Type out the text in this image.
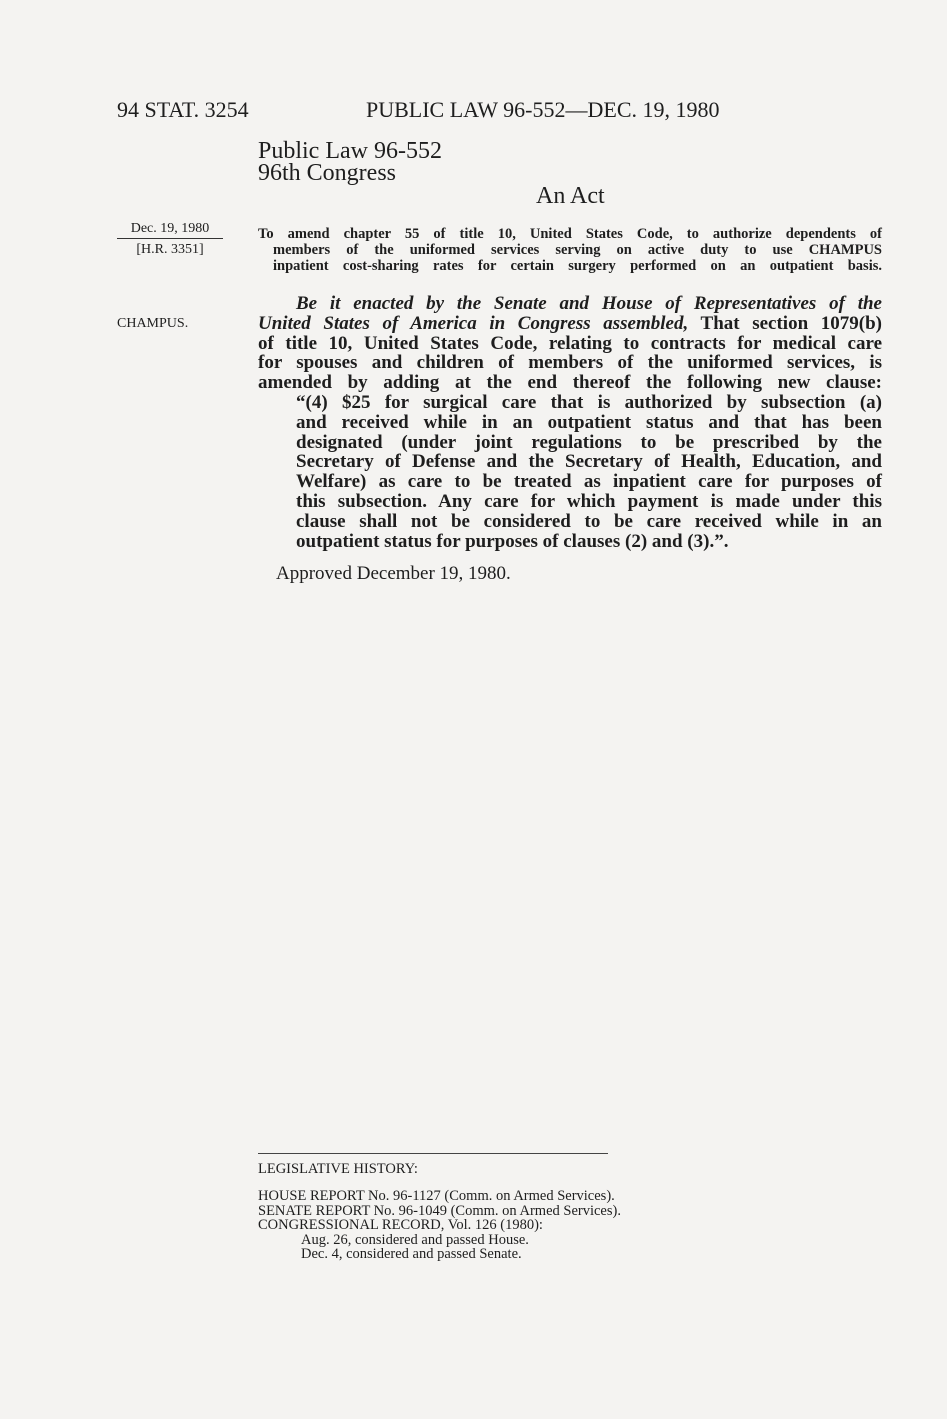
94 STAT. 3254	PUBLIC LAW 96-552—DEC. 19, 1980
Public Law 96-552
96th Congress
An Act
Dec. 19, 1980
[H.R. 3351]
CHAMPUS.
To amend chapter 55 of title 10, United States Code, to authorize dependents of
members of the uniformed services serving on active duty to use CHAMPUS
inpatient cost-sharing rates for certain surgery performed on an outpatient basis.
Be it enacted by the Senate and House of Representatives of the
United States of America in Congress assembled, That section 1079(b)
of title 10, United States Code, relating to contracts for medical care
for spouses and children of members of the uniformed services, is
amended by adding at the end thereof the following new clause:
“(4) $25 for surgical care that is authorized by subsection (a)
and received while in an outpatient status and that has been
designated (under joint regulations to be prescribed by the
Secretary of Defense and the Secretary of Health, Education, and
Welfare) as care to be treated as inpatient care for purposes of
this subsection. Any care for which payment is made under this
clause shall not be considered to be care received while in an
outpatient status for purposes of clauses (2) and (3).”.
Approved December 19, 1980.
LEGISLATIVE HISTORY:
HOUSE REPORT No. 96-1127 (Comm. on Armed Services).
SENATE REPORT No. 96-1049 (Comm. on Armed Services).
CONGRESSIONAL RECORD, Vol. 126 (1980):
Aug. 26, considered and passed House.
Dec. 4, considered and passed Senate.
